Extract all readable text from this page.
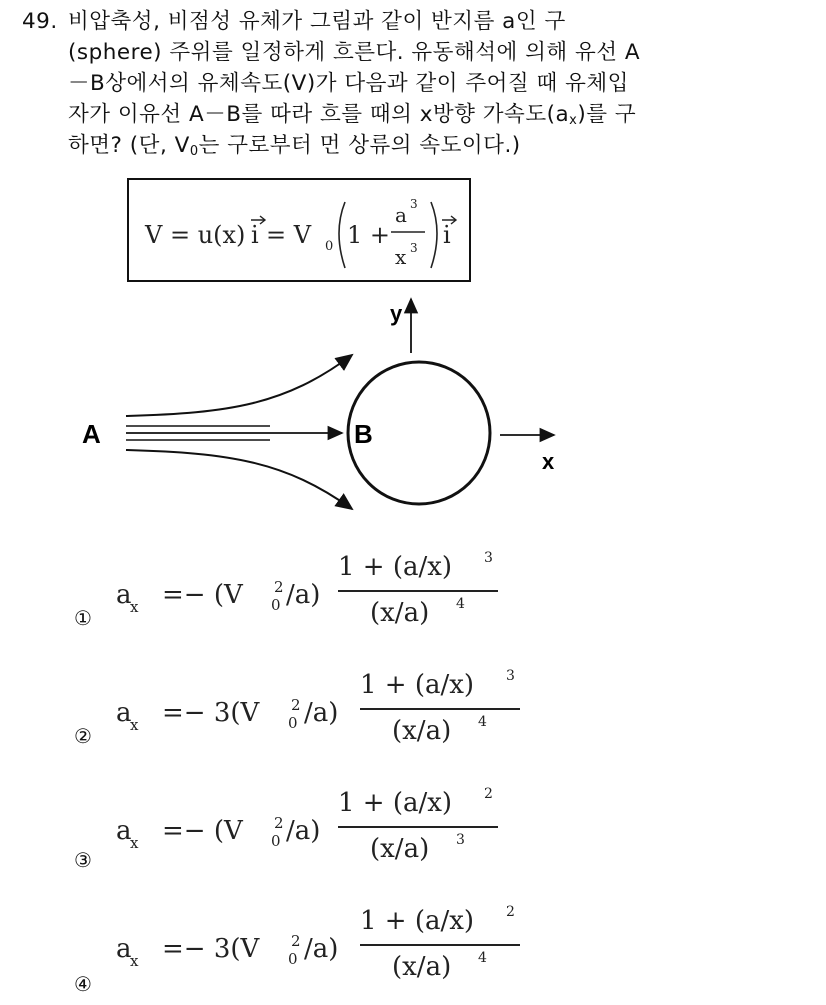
49. 비압축성, 비점성 유체가 그림과 같이 반지름 a인 구
(sphere) 주위를 일정하게 흐른다. 유동해석에 의해 유선 A
－B상에서의 유체속도(V)가 다음과 같이 주어질 때 유체입
자가 이유선 A－B를 따라 흐를 때의 x방향 가속도$(a_x)$를 구
하면? (단, $V_0$는 구로부터 먼 상류의 속도이다.)
V = u(x) i = V 0 1 +
a 3
x 3 i
A	B
x
y
①
a
x =− (V 2
0 /a)
1 + (a/x) 3
(x/a) 4
②
a
x =− 3(V 2
0 /a)
1 + (a/x) 3
(x/a) 4
③
a
x =− (V 2
0 /a)
1 + (a/x) 2
(x/a) 3
④
a
x =− 3(V 2
0 /a)
1 + (a/x) 2
(x/a) 4
